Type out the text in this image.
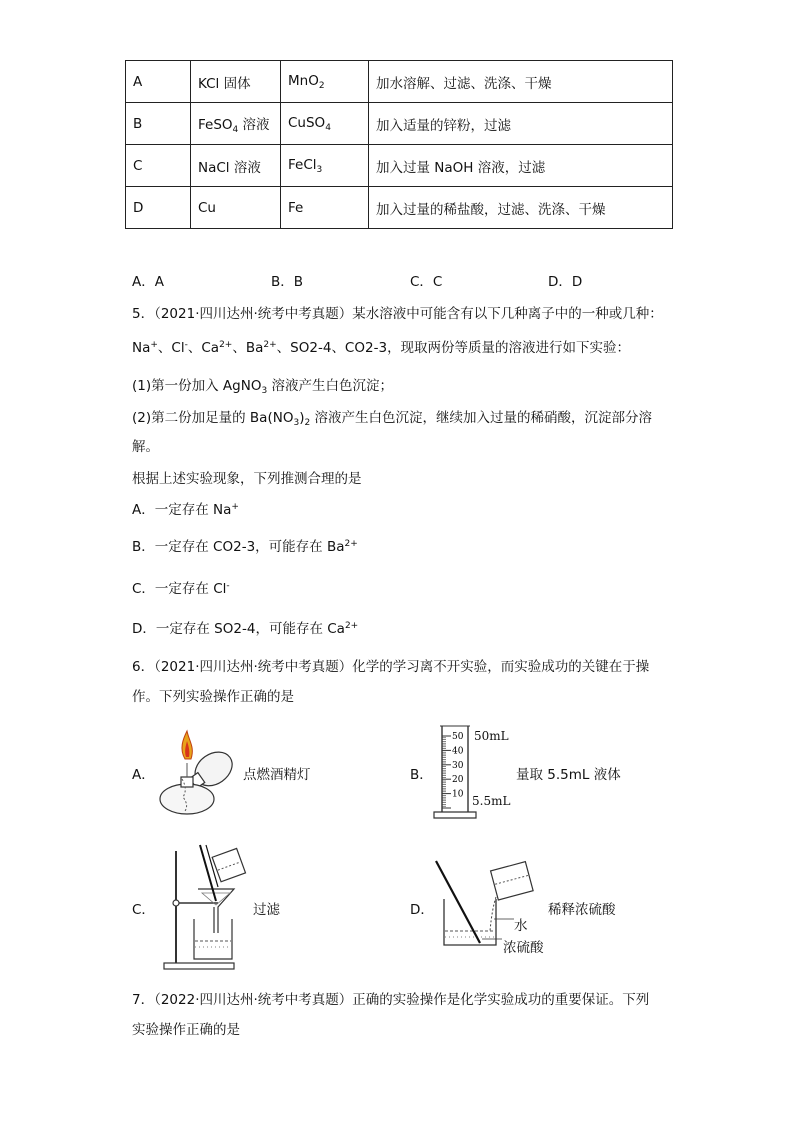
A	KCl 固体	MnO$_2$	加水溶解、过滤、洗涤、干燥
B	FeSO$_4$ 溶液	CuSO$_4$	加入适量的锌粉，过滤
C	NaCl 溶液	FeCl$_3$	加入过量 NaOH 溶液，过滤
D	Cu	Fe	加入过量的稀盐酸，过滤、洗涤、干燥
A．A	B．B	C．C	D．D
5．（2021·四川达州·统考中考真题）某水溶液中可能含有以下几种离子中的一种或几种：
Na+、Cl-、$Ca^{2+}$、$Ba^{2+}$、SO2-4、CO2-3，现取两份等质量的溶液进行如下实验：
(1)第一份加入 AgNO$_3$ 溶液产生白色沉淀；
(2)第二份加足量的 $Ba(NO_3)_2$ 溶液产生白色沉淀，继续加入过量的稀硝酸，沉淀部分溶
解。
根据上述实验现象，下列推测合理的是
A．一定存在 Na+
B．一定存在 CO2-3，可能存在 $Ba^{2+}$
C．一定存在 Cl-
D．一定存在 SO2-4，可能存在 $Ca^{2+}$
6．（2021·四川达州·统考中考真题）化学的学习离不开实验，而实验成功的关键在于操
作。下列实验操作正确的是
A．	点燃酒精灯	B．
50
40
30
20
10
50mL
5.5mL
量取 5.5mL 液体
C．	过滤	D．
水
浓硫酸
稀释浓硫酸
7．（2022·四川达州·统考中考真题）正确的实验操作是化学实验成功的重要保证。下列
实验操作正确的是
